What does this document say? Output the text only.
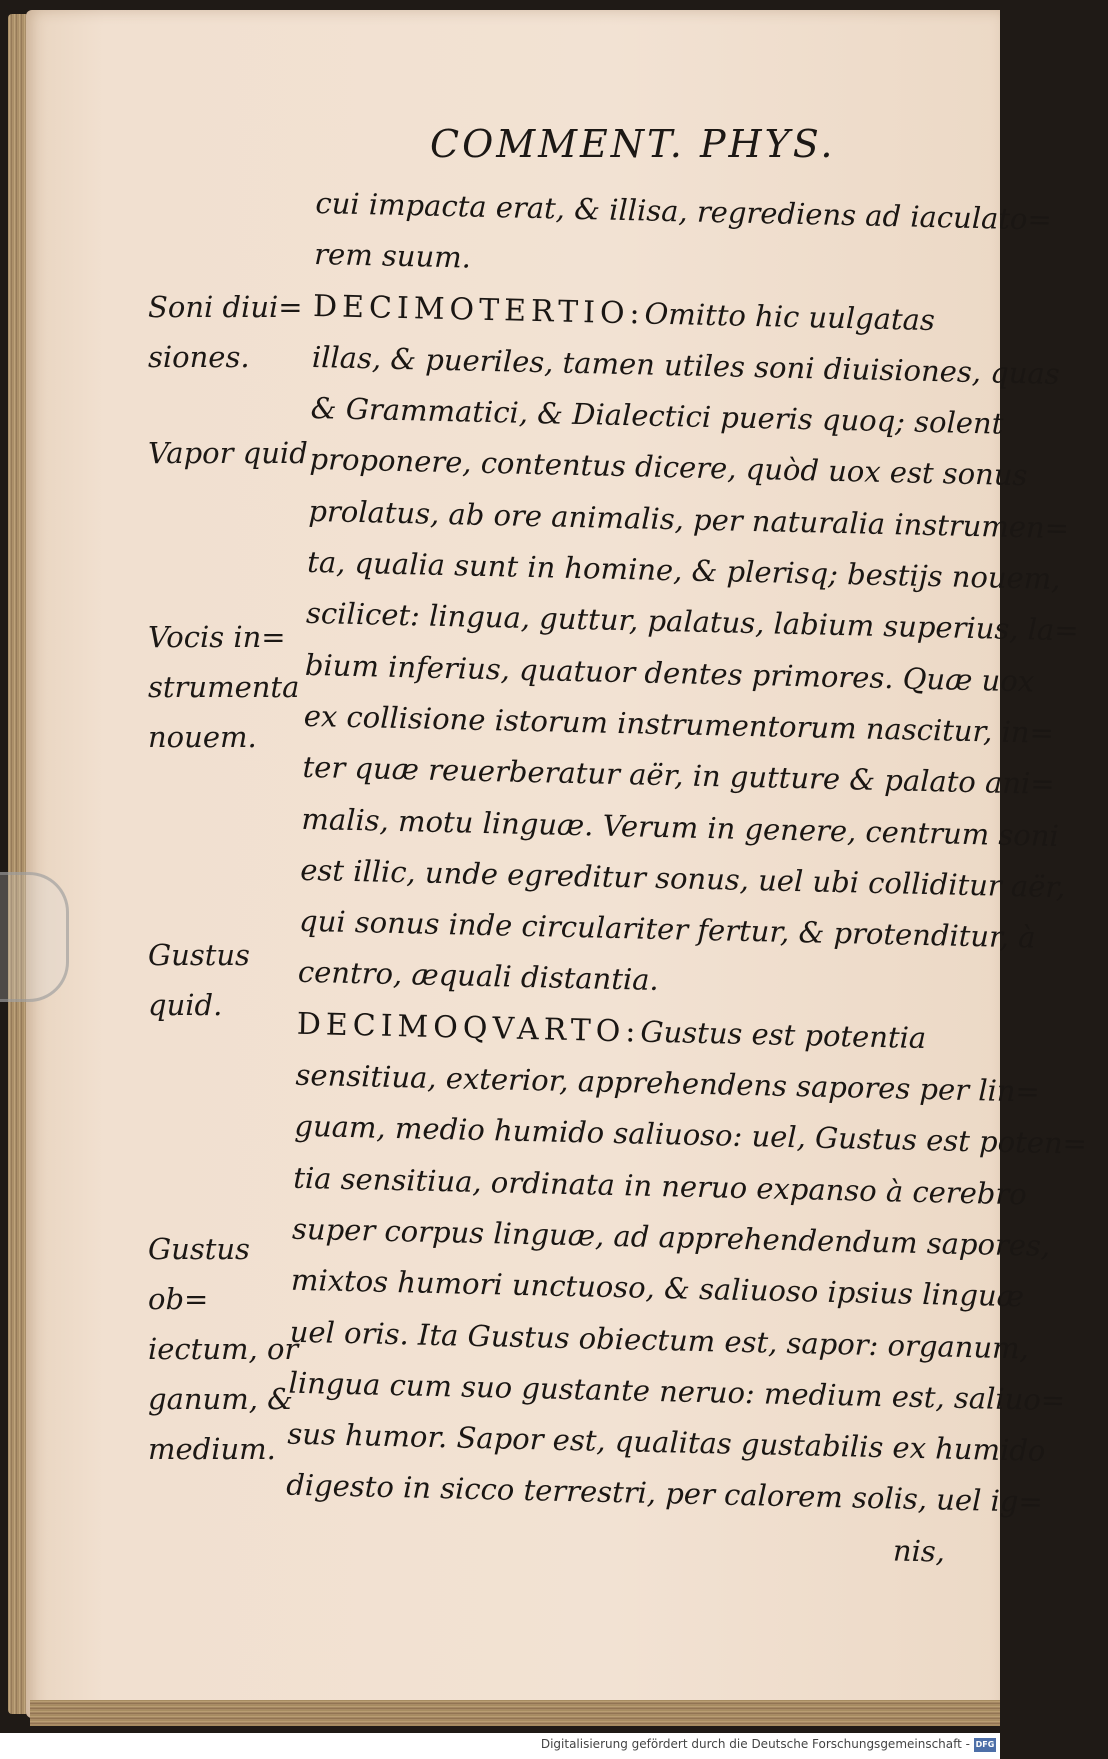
COMMENT. PHYS.
Soni diui= siones.
Vapor quid
Vocis in= strumenta nouem.
Gustus quid.
Gustus ob= iectum, or ganum, & medium.
cui impacta erat, & illisa, regrediens ad iaculato=
rem suum.
DECIMOTERTIO:Omitto hic uulgatas
illas, & pueriles, tamen utiles soni diuisiones, quas
& Grammatici, & Dialectici pueris quoq; solent
proponere, contentus dicere, quòd uox est sonus
prolatus, ab ore animalis, per naturalia instrumen=
ta, qualia sunt in homine, & plerisq; bestijs nouem,
scilicet: lingua, guttur, palatus, labium superius, la=
bium inferius, quatuor dentes primores. Quæ uox
ex collisione istorum instrumentorum nascitur, in=
ter quæ reuerberatur aër, in gutture & palato ani=
malis, motu linguæ. Verum in genere, centrum soni
est illic, unde egreditur sonus, uel ubi colliditur aër,
qui sonus inde circulariter fertur, & protenditur, à
centro, æquali distantia.
DECIMOQVARTO:Gustus est potentia
sensitiua, exterior, apprehendens sapores per lin=
guam, medio humido saliuoso: uel, Gustus est poten=
tia sensitiua, ordinata in neruo expanso à cerebro
super corpus linguæ, ad apprehendendum sapores,
mixtos humori unctuoso, & saliuoso ipsius linguæ
uel oris. Ita Gustus obiectum est, sapor: organum,
lingua cum suo gustante neruo: medium est, saliuo=
sus humor. Sapor est, qualitas gustabilis ex humido
digesto in sicco terrestri, per calorem solis, uel ig=
nis,
Digitalisierung gefördert durch die Deutsche Forschungsgemeinschaft - DFG
